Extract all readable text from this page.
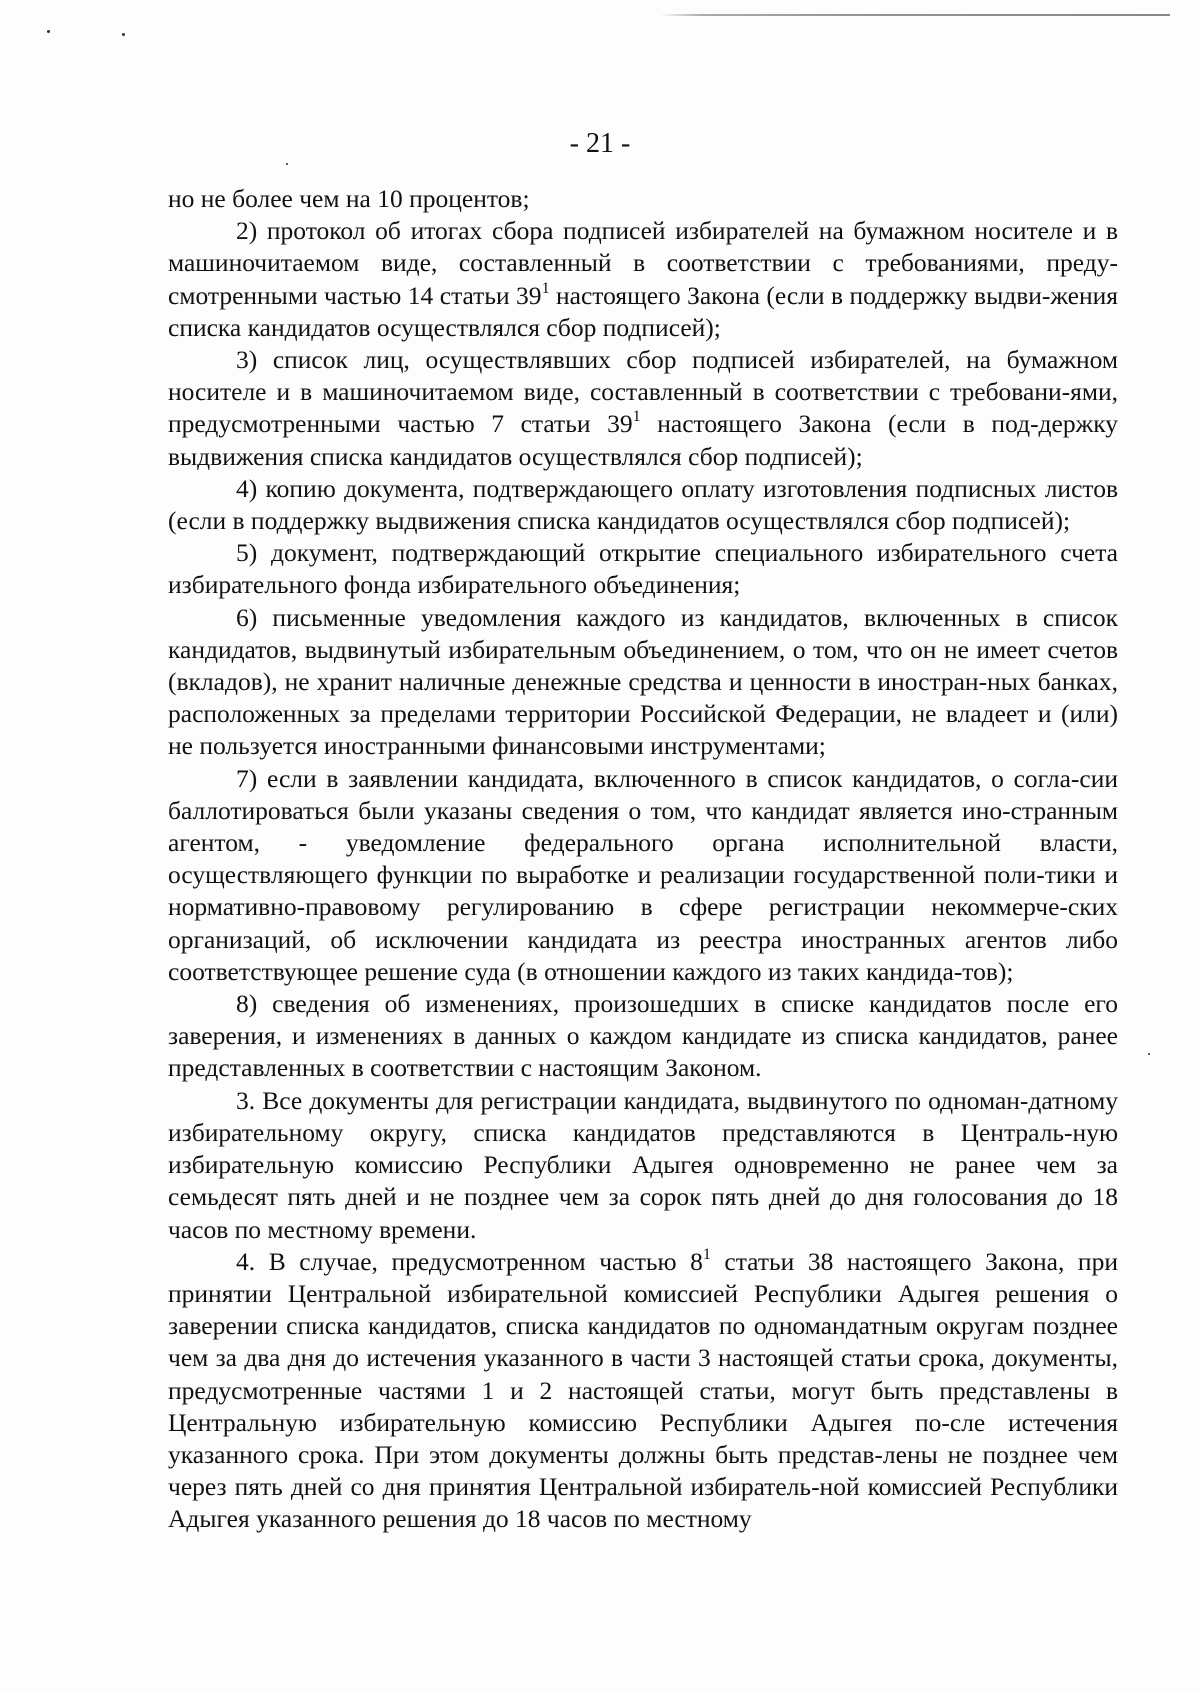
- 21 -

но не более чем на 10 процентов;

2) протокол об итогах сбора подписей избирателей на бумажном носителе и в машиночитаемом виде, составленный в соответствии с требованиями, преду-смотренными частью 14 статьи $39^1$ настоящего Закона (если в поддержку выдви-жения списка кандидатов осуществлялся сбор подписей);

3) список лиц, осуществлявших сбор подписей избирателей, на бумажном носителе и в машиночитаемом виде, составленный в соответствии с требовани-ями, предусмотренными частью 7 статьи $39^1$ настоящего Закона (если в под-держку выдвижения списка кандидатов осуществлялся сбор подписей);

4) копию документа, подтверждающего оплату изготовления подписных листов (если в поддержку выдвижения списка кандидатов осуществлялся сбор подписей);

5) документ, подтверждающий открытие специального избирательного счета избирательного фонда избирательного объединения;

6) письменные уведомления каждого из кандидатов, включенных в список кандидатов, выдвинутый избирательным объединением, о том, что он не имеет счетов (вкладов), не хранит наличные денежные средства и ценности в иностран-ных банках, расположенных за пределами территории Российской Федерации, не владеет и (или) не пользуется иностранными финансовыми инструментами;

7) если в заявлении кандидата, включенного в список кандидатов, о согла-сии баллотироваться были указаны сведения о том, что кандидат является ино-странным агентом, - уведомление федерального органа исполнительной власти, осуществляющего функции по выработке и реализации государственной поли-тики и нормативно-правовому регулированию в сфере регистрации некоммерче-ских организаций, об исключении кандидата из реестра иностранных агентов либо соответствующее решение суда (в отношении каждого из таких кандида-тов);

8) сведения об изменениях, произошедших в списке кандидатов после его заверения, и изменениях в данных о каждом кандидате из списка кандидатов, ранее представленных в соответствии с настоящим Законом.

3. Все документы для регистрации кандидата, выдвинутого по одноман-датному избирательному округу, списка кандидатов представляются в Централь-ную избирательную комиссию Республики Адыгея одновременно не ранее чем за семьдесят пять дней и не позднее чем за сорок пять дней до дня голосования до 18 часов по местному времени.

4. В случае, предусмотренном частью $8^1$ статьи 38 настоящего Закона, при принятии Центральной избирательной комиссией Республики Адыгея решения о заверении списка кандидатов, списка кандидатов по одномандатным округам позднее чем за два дня до истечения указанного в части 3 настоящей статьи срока, документы, предусмотренные частями 1 и 2 настоящей статьи, могут быть представлены в Центральную избирательную комиссию Республики Адыгея по-сле истечения указанного срока. При этом документы должны быть представ-лены не позднее чем через пять дней со дня принятия Центральной избиратель-ной комиссией Республики Адыгея указанного решения до 18 часов по местному
